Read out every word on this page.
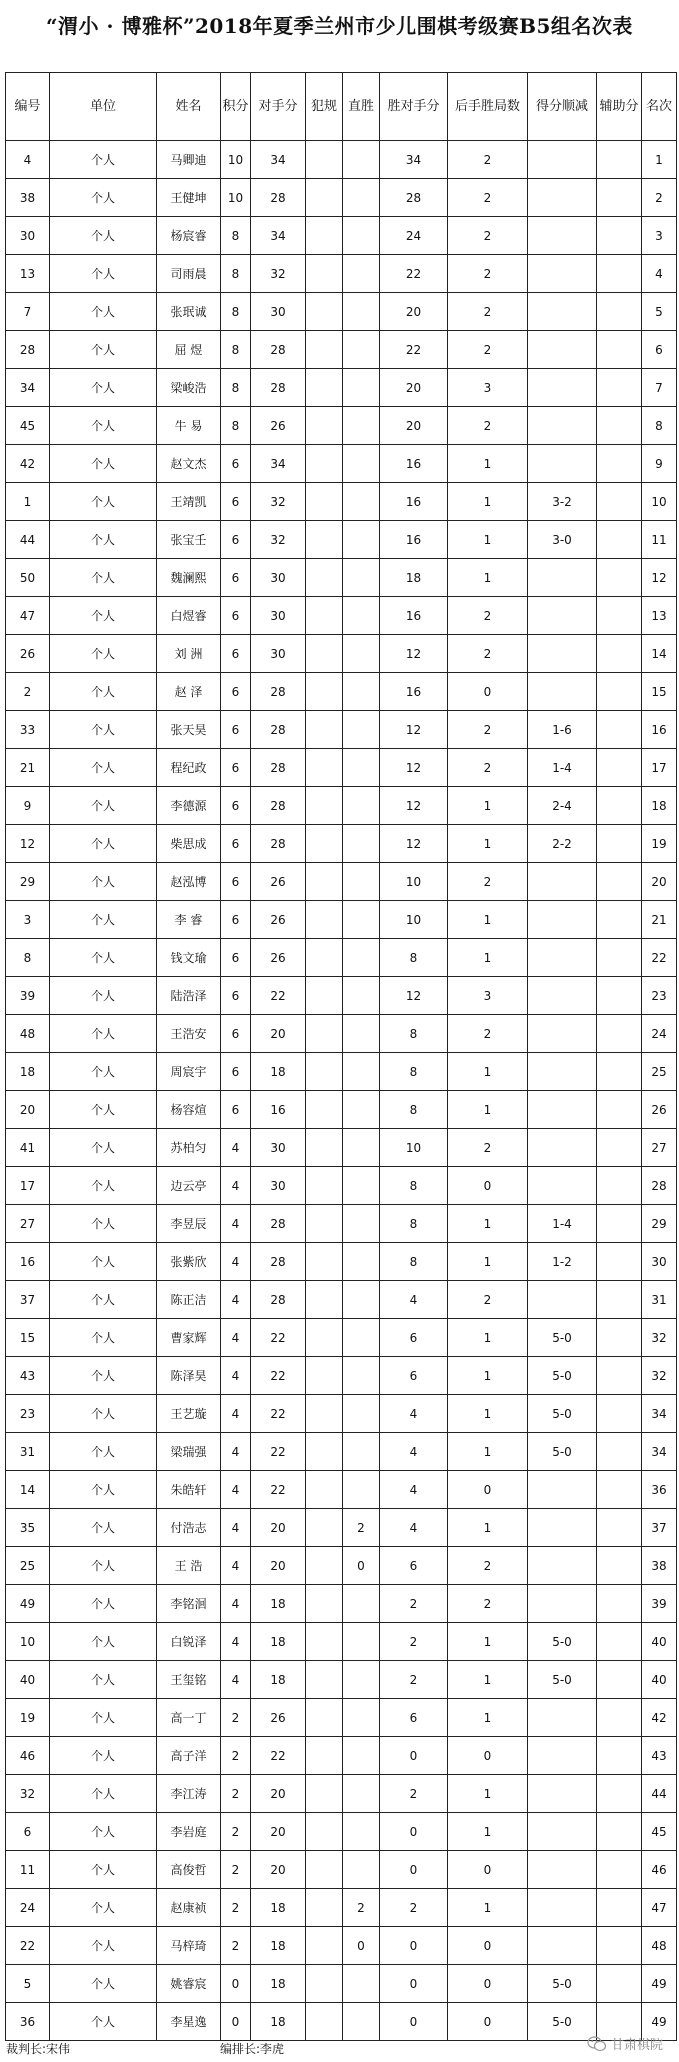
“渭小 · 博雅杯”2018年夏季兰州市少儿围棋考级赛B5组名次表
编号	单位	姓名	积分	对手分	犯规	直胜	胜对手分	后手胜局数	得分顺减	辅助分	名次
4	个人	马卿迪	10	34			34	2			1
38	个人	王健坤	10	28			28	2			2
30	个人	杨宸睿	8	34			24	2			3
13	个人	司雨晨	8	32			22	2			4
7	个人	张珉诚	8	30			20	2			5
28	个人	屈 煜	8	28			22	2			6
34	个人	梁峻浩	8	28			20	3			7
45	个人	牛 易	8	26			20	2			8
42	个人	赵文杰	6	34			16	1			9
1	个人	王靖凯	6	32			16	1	3-2		10
44	个人	张宝壬	6	32			16	1	3-0		11
50	个人	魏澜熙	6	30			18	1			12
47	个人	白煜睿	6	30			16	2			13
26	个人	刘 洲	6	30			12	2			14
2	个人	赵 泽	6	28			16	0			15
33	个人	张天昊	6	28			12	2	1-6		16
21	个人	程纪政	6	28			12	2	1-4		17
9	个人	李德源	6	28			12	1	2-4		18
12	个人	柴思成	6	28			12	1	2-2		19
29	个人	赵泓博	6	26			10	2			20
3	个人	李 睿	6	26			10	1			21
8	个人	钱文瑜	6	26			8	1			22
39	个人	陆浩泽	6	22			12	3			23
48	个人	王浩安	6	20			8	2			24
18	个人	周宸宇	6	18			8	1			25
20	个人	杨容煊	6	16			8	1			26
41	个人	苏柏匀	4	30			10	2			27
17	个人	边云亭	4	30			8	0			28
27	个人	李昱辰	4	28			8	1	1-4		29
16	个人	张紫欣	4	28			8	1	1-2		30
37	个人	陈正洁	4	28			4	2			31
15	个人	曹家辉	4	22			6	1	5-0		32
43	个人	陈泽昊	4	22			6	1	5-0		32
23	个人	王艺璇	4	22			4	1	5-0		34
31	个人	梁瑞强	4	22			4	1	5-0		34
14	个人	朱皓轩	4	22			4	0			36
35	个人	付浩志	4	20		2	4	1			37
25	个人	王 浩	4	20		0	6	2			38
49	个人	李铭洄	4	18			2	2			39
10	个人	白锐泽	4	18			2	1	5-0		40
40	个人	王玺铭	4	18			2	1	5-0		40
19	个人	高一丁	2	26			6	1			42
46	个人	高子洋	2	22			0	0			43
32	个人	李江涛	2	20			2	1			44
6	个人	李岩庭	2	20			0	1			45
11	个人	高俊哲	2	20			0	0			46
24	个人	赵康祯	2	18		2	2	1			47
22	个人	马梓琦	2	18		0	0	0			48
5	个人	姚睿宸	0	18			0	0	5-0		49
36	个人	李星逸	0	18			0	0	5-0		49
裁判长:宋伟	编排长:李虎	甘肃棋院
